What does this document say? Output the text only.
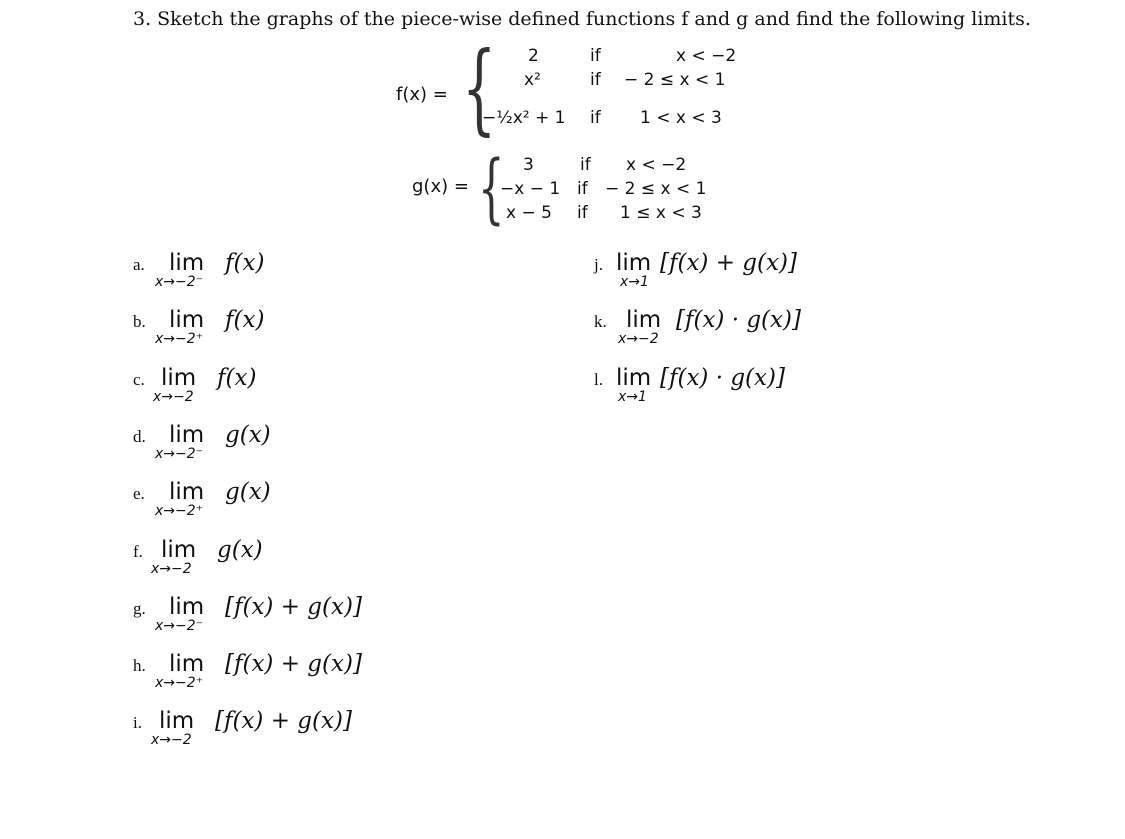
3. Sketch the graphs of the piece-wise defined functions f and g and find the following limits.
f(x) = { 2	if	x < −2
x²	if − 2 ≤ x < 1
−½x² + 1 if 1 < x < 3
g(x) = { 3	if x < −2
−x − 1 if − 2 ≤ x < 1
x − 5 if 1 ≤ x < 3
a. lim
x→−2⁻
f(x)
b. lim
x→−2⁺
f(x)
c. lim
x→−2
f(x)
d. lim
x→−2⁻
g(x)
e. lim
x→−2⁺
g(x)
f. lim
x→−2
g(x)
g. lim
x→−2⁻
[f(x) + g(x)]
h. lim
x→−2⁺
[f(x) + g(x)]
i. lim
x→−2
[f(x) + g(x)]
j. lim
x→1
[f(x) + g(x)]
k. lim
x→−2
[f(x) · g(x)]
l. lim
x→1
[f(x) · g(x)]
